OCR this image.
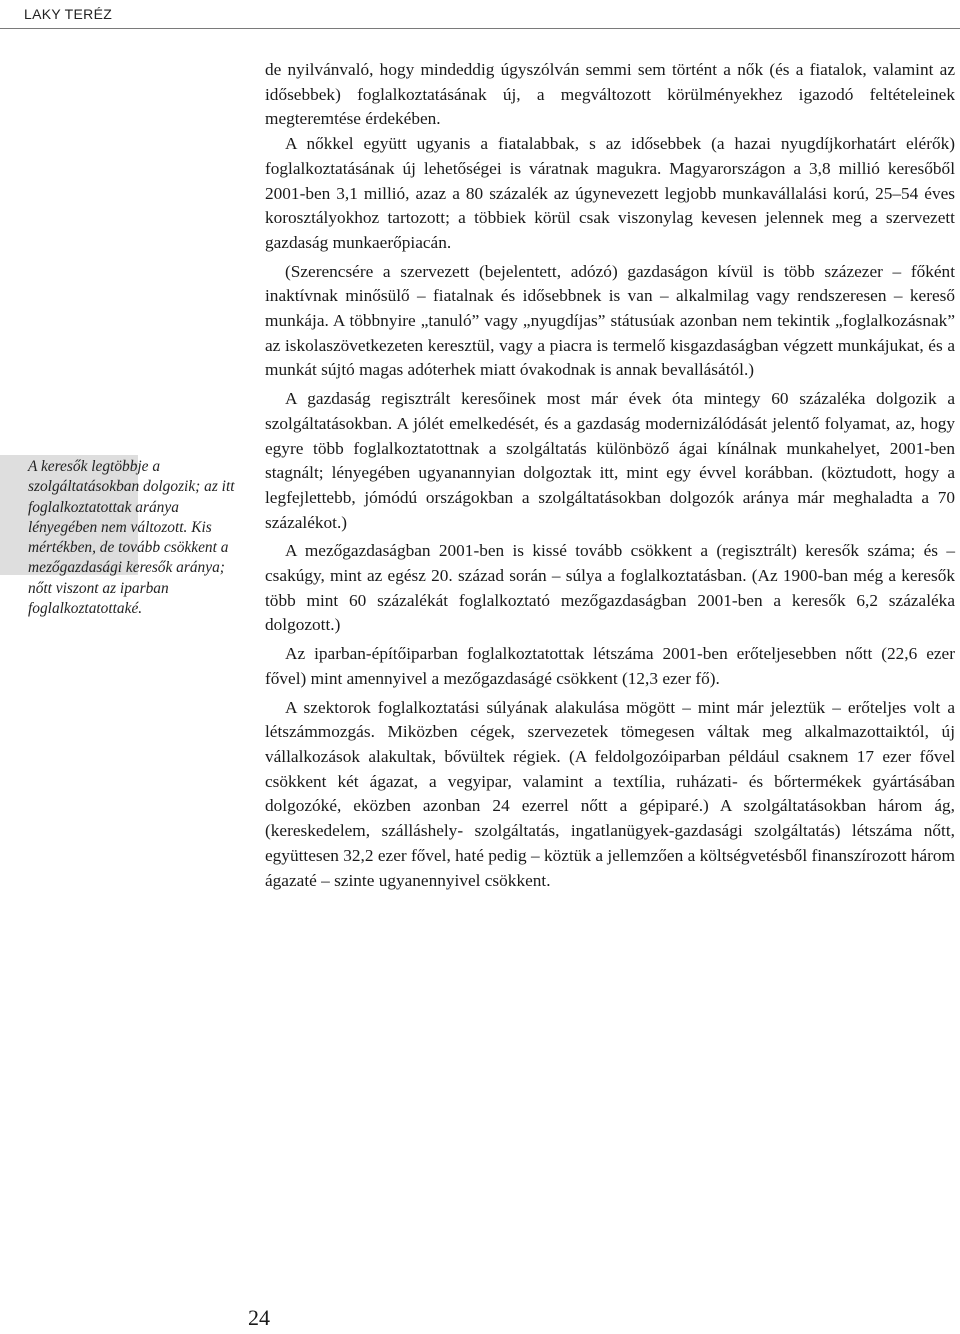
LAKY TERÉZ
A keresők legtöbbje a szolgáltatásokban dolgozik; az itt foglalkoztatottak aránya lényegében nem változott. Kis mértékben, de tovább csökkent a mezőgazdasági keresők aránya; nőtt viszont az iparban foglalkoztatottaké.

de nyilvánvaló, hogy mindeddig úgyszólván semmi sem történt a nők (és a fiatalok, valamint az idősebbek) foglalkoztatásának új, a megváltozott körülményekhez igazodó feltételeinek megteremtése érdekében.

A nőkkel együtt ugyanis a fiatalabbak, s az idősebbek (a hazai nyugdíjkorhatárt elérők) foglalkoztatásának új lehetőségei is váratnak magukra. Magyarországon a 3,8 millió keresőből 2001-ben 3,1 millió, azaz a 80 százalék az úgynevezett legjobb munkavállalási korú, 25–54 éves korosztályokhoz tartozott; a többiek körül csak viszonylag kevesen jelennek meg a szervezett gazdaság munkaerőpiacán.

(Szerencsére a szervezett (bejelentett, adózó) gazdaságon kívül is több százezer – főként inaktívnak minősülő – fiatalnak és idősebbnek is van – alkalmilag vagy rendszeresen – kereső munkája. A többnyire „tanuló” vagy „nyugdíjas” státusúak azonban nem tekintik „foglalkozásnak” az iskolaszövetkezeten keresztül, vagy a piacra is termelő kisgazdaságban végzett munkájukat, és a munkát sújtó magas adóterhek miatt óvakodnak is annak bevallásától.)

A gazdaság regisztrált keresőinek most már évek óta mintegy 60 százaléka dolgozik a szolgáltatásokban. A jólét emelkedését, és a gazdaság modernizálódását jelentő folyamat, az, hogy egyre több foglalkoztatottnak a szolgáltatás különböző ágai kínálnak munkahelyet, 2001-ben stagnált; lényegében ugyanannyian dolgoztak itt, mint egy évvel korábban. (köztudott, hogy a legfejlettebb, jómódú országokban a szolgáltatásokban dolgozók aránya már meghaladta a 70 százalékot.)

A mezőgazdaságban 2001-ben is kissé tovább csökkent a (regisztrált) keresők száma; és – csakúgy, mint az egész 20. század során – súlya a foglalkoztatásban. (Az 1900-ban még a keresők több mint 60 százalékát foglalkoztató mezőgazdaságban 2001-ben a keresők 6,2 százaléka dolgozott.)

Az iparban-építőiparban foglalkoztatottak létszáma 2001-ben erőteljesebben nőtt (22,6 ezer fővel) mint amennyivel a mezőgazdaságé csökkent (12,3 ezer fő).

A szektorok foglalkoztatási súlyának alakulása mögött – mint már jeleztük – erőteljes volt a létszámmozgás. Miközben cégek, szervezetek tömegesen váltak meg alkalmazottaiktól, új vállalkozások alakultak, bővültek régiek. (A feldolgozóiparban például csaknem 17 ezer fővel csökkent két ágazat, a vegyipar, valamint a textília, ruházati- és bőrtermékek gyártásában dolgozóké, eközben azonban 24 ezerrel nőtt a gépiparé.) A szolgáltatásokban három ág, (kereskedelem, szálláshely- szolgáltatás, ingatlanügyek-gazdasági szolgáltatás) létszáma nőtt, együttesen 32,2 ezer fővel, haté pedig – köztük a jellemzően a költségvetésből finanszírozott három ágazaté – szinte ugyanennyivel csökkent.

24
